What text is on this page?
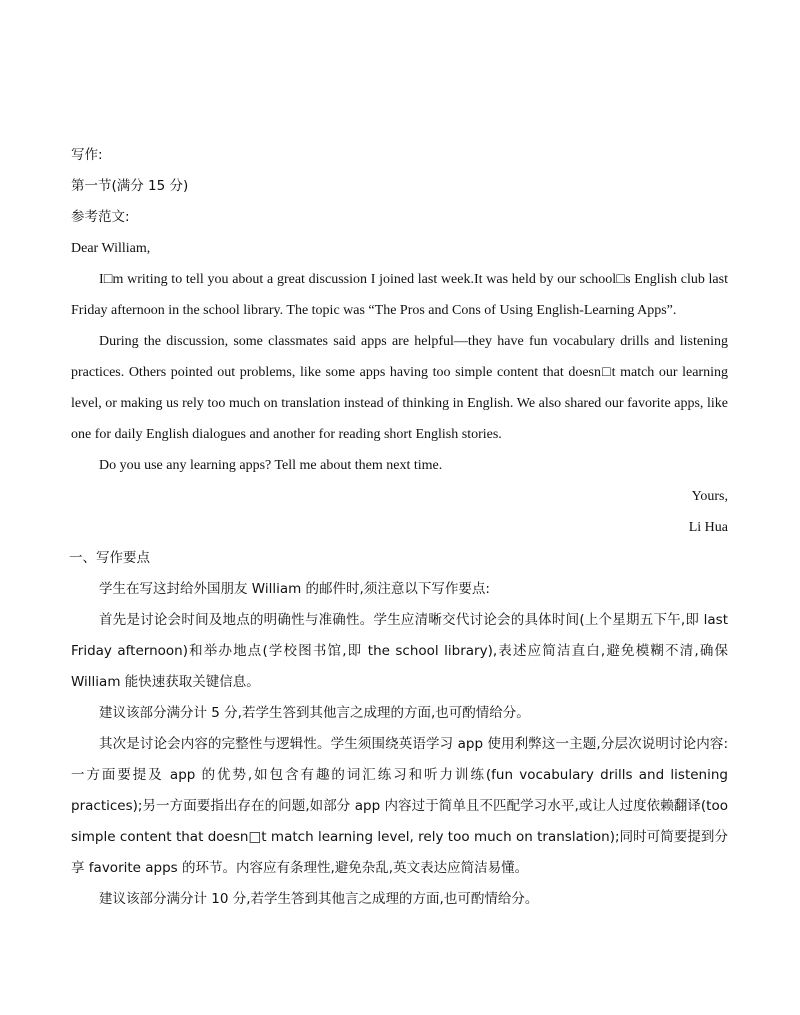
写作:
第一节(满分 15 分)
参考范文:
Dear William,
I□m writing to tell you about a great discussion I joined last week.It was held by our school□s English club last Friday afternoon in the school library. The topic was “The Pros and Cons of Using English-Learning Apps”.
During the discussion, some classmates said apps are helpful—they have fun vocabulary drills and listening practices. Others pointed out problems, like some apps having too simple content that doesn□t match our learning level, or making us rely too much on translation instead of thinking in English. We also shared our favorite apps, like one for daily English dialogues and another for reading short English stories.
Do you use any learning apps? Tell me about them next time.
Yours,
Li Hua
一、写作要点
学生在写这封给外国朋友 William 的邮件时,须注意以下写作要点:
首先是讨论会时间及地点的明确性与准确性。学生应清晰交代讨论会的具体时间(上个星期五下午,即 last Friday afternoon)和举办地点(学校图书馆,即 the school library),表述应简洁直白,避免模糊不清,确保 William 能快速获取关键信息。
建议该部分满分计 5 分,若学生答到其他言之成理的方面,也可酌情给分。
其次是讨论会内容的完整性与逻辑性。学生须围绕英语学习 app 使用利弊这一主题,分层次说明讨论内容:一方面要提及 app 的优势,如包含有趣的词汇练习和听力训练(fun vocabulary drills and listening practices);另一方面要指出存在的问题,如部分 app 内容过于简单且不匹配学习水平,或让人过度依赖翻译(too simple content that doesn□t match learning level, rely too much on translation);同时可简要提到分享 favorite apps 的环节。内容应有条理性,避免杂乱,英文表达应简洁易懂。
建议该部分满分计 10 分,若学生答到其他言之成理的方面,也可酌情给分。
